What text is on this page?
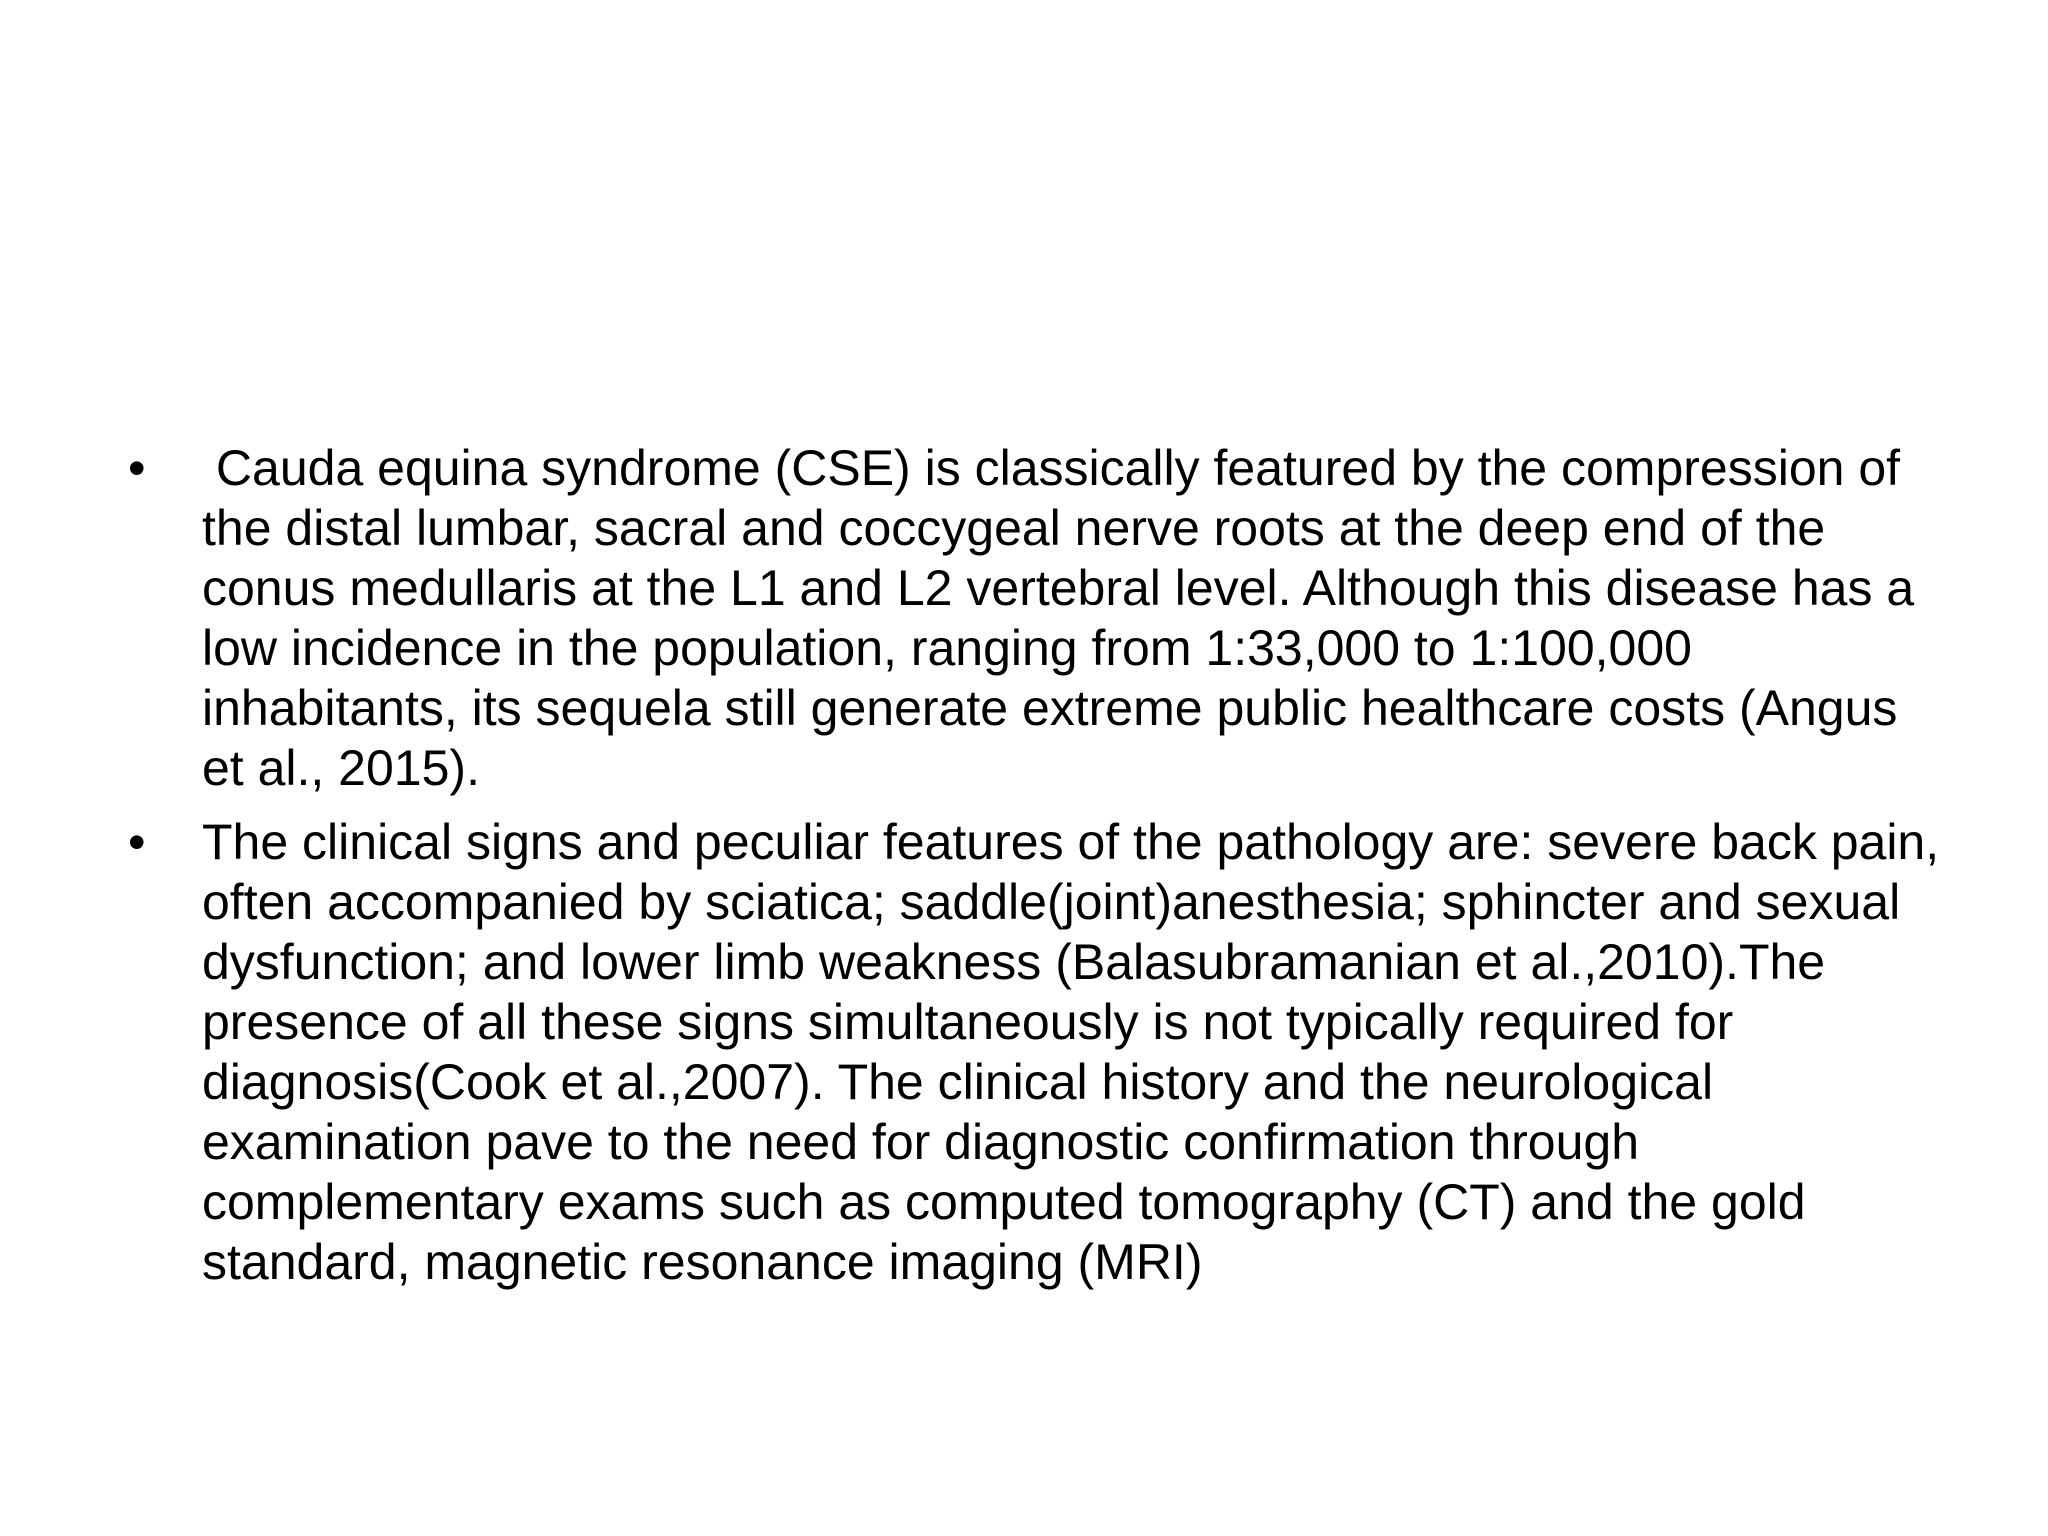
• Cauda equina syndrome (CSE) is classically featured by the compression of the distal lumbar, sacral and coccygeal nerve roots at the deep end of the conus medullaris at the L1 and L2 vertebral level. Although this disease has a low incidence in the population, ranging from 1:33,000 to 1:100,000 inhabitants, its sequela still generate extreme public healthcare costs (Angus et al., 2015).
• The clinical signs and peculiar features of the pathology are: severe back pain, often accompanied by sciatica; saddle(joint)anesthesia; sphincter and sexual dysfunction; and lower limb weakness (Balasubramanian et al.,2010).The presence of all these signs simultaneously is not typically required for diagnosis(Cook et al.,2007). The clinical history and the neurological examination pave to the need for diagnostic confirmation through complementary exams such as computed tomography (CT) and the gold standard, magnetic resonance imaging (MRI)
